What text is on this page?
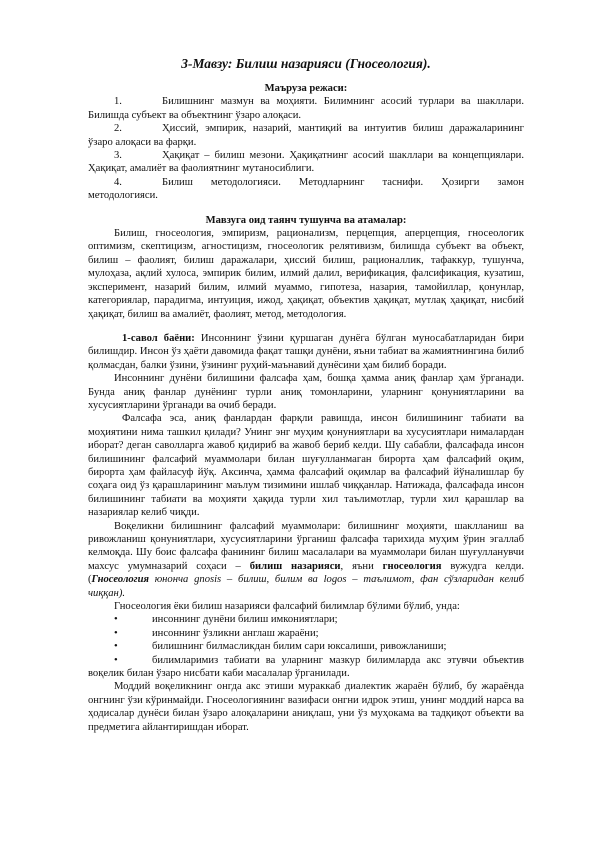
3-Мавзу: Билиш назарияси (Гносеология).
Маъруза режаси:
1.	Билишнинг мазмун ва моҳияти. Билимнинг асосий турлари ва шакллари.

Билишда субъект ва объектнинг ўзаро алоқаси.

2.	Ҳиссий, эмпирик, назарий, мантиқий ва интуитив билиш даражаларининг

ўзаро алоқаси ва фарқи.

3.	Ҳақиқат – билиш мезони. Ҳақиқатнинг асосий шакллари ва концепциялари.

Ҳақиқат, амалиёт ва фаолиятнинг мутаносиблиги.

4.	Билиш методологияси. Методларнинг таснифи. Ҳозирги замон

методологияси.

Мавзуга оид таянч тушунча ва атамалар:

Билиш, гносеология, эмпиризм, рационализм, перцепция, аперцепция, гносеологик оптимизм, скептицизм, агностицизм, гносеологик релятивизм, билишда субъект ва объект, билиш – фаолият, билиш даражалари, ҳиссий билиш, рационаллик, тафаккур, тушунча, мулоҳаза, ақлий хулоса, эмпирик билим, илмий далил, верификация, фалсификация, кузатиш, эксперимент, назарий билим, илмий муаммо, гипотеза, назария, тамойиллар, қонунлар, категориялар, парадигма, интуиция, ижод, ҳақиқат, объектив ҳақиқат, мутлақ ҳақиқат, нисбий ҳақиқат, билиш ва амалиёт, фаолият, метод, методология.

1-савол баёни: Инсоннинг ўзини қуршаган дунёга бўлган муносабатларидан бири билишдир. Инсон ўз ҳаёти давомида фақат ташқи дунёни, яъни табиат ва жамиятнингина билиб қолмасдан, балки ўзини, ўзининг руҳий-маънавий дунёсини ҳам билиб боради.

Инсоннинг дунёни билишини фалсафа ҳам, бошқа ҳамма аниқ фанлар ҳам ўрганади. Бунда аниқ фанлар дунёнинг турли аниқ томонларини, уларнинг қонуниятларини ва хусусиятларини ўрганади ва очиб беради.

Фалсафа эса, аниқ фанлардан фарқли равишда, инсон билишининг табиати ва моҳиятини нима ташкил қилади? Унинг энг муҳим қонуниятлари ва хусусиятлари нималардан иборат? деган саволларга жавоб қидириб ва жавоб бериб келди. Шу сабабли, фалсафада инсон билишининг фалсафий муаммолари билан шуғулланмаган бирорта ҳам фалсафий оқим, бирорта ҳам файласуф йўқ. Аксинча, ҳамма фалсафий оқимлар ва фалсафий йўналишлар бу соҳага оид ўз қарашларининг маълум тизимини ишлаб чиққанлар. Натижада, фалсафада инсон билишининг табиати ва моҳияти ҳақида турли хил таълимотлар, турли хил қарашлар ва назариялар келиб чиқди.

Воқеликни билишнинг фалсафий муаммолари: билишнинг моҳияти, шаклланиш ва ривожланиш қонуниятлари, хусусиятларини ўрганиш фалсафа тарихида муҳим ўрин эгаллаб келмоқда. Шу боис фалсафа фанининг билиш масалалари ва муаммолари билан шуғулланувчи махсус умумназарий соҳаси – билиш назарияси, яъни гносеология вужудга келди. (Гносеология юнонча gnosis – билиш, билим ва logos – таълимот, фан сўзларидан келиб чиққан).

Гносеология ёки билиш назарияси фалсафий билимлар бўлими бўлиб, унда:

•	инсоннинг дунёни билиш имкониятлари;
•	инсоннинг ўзликни англаш жараёни;
•	билишнинг билмасликдан билим сари юксалиши, ривожланиши;
•	билимларимиз табиати ва уларнинг мазкур билимларда акс этувчи объектив

воқелик билан ўзаро нисбати каби масалалар ўрганилади.

Моддий воқеликнинг онгда акс этиши мураккаб диалектик жараён бўлиб, бу жараёнда онгнинг ўзи кўринмайди. Гносеологиянинг вазифаси онгни идрок этиш, унинг моддий нарса ва ҳодисалар дунёси билан ўзаро алоқаларини аниқлаш, уни ўз муҳокама ва тадқиқот объекти ва предметига айлантиришдан иборат.
